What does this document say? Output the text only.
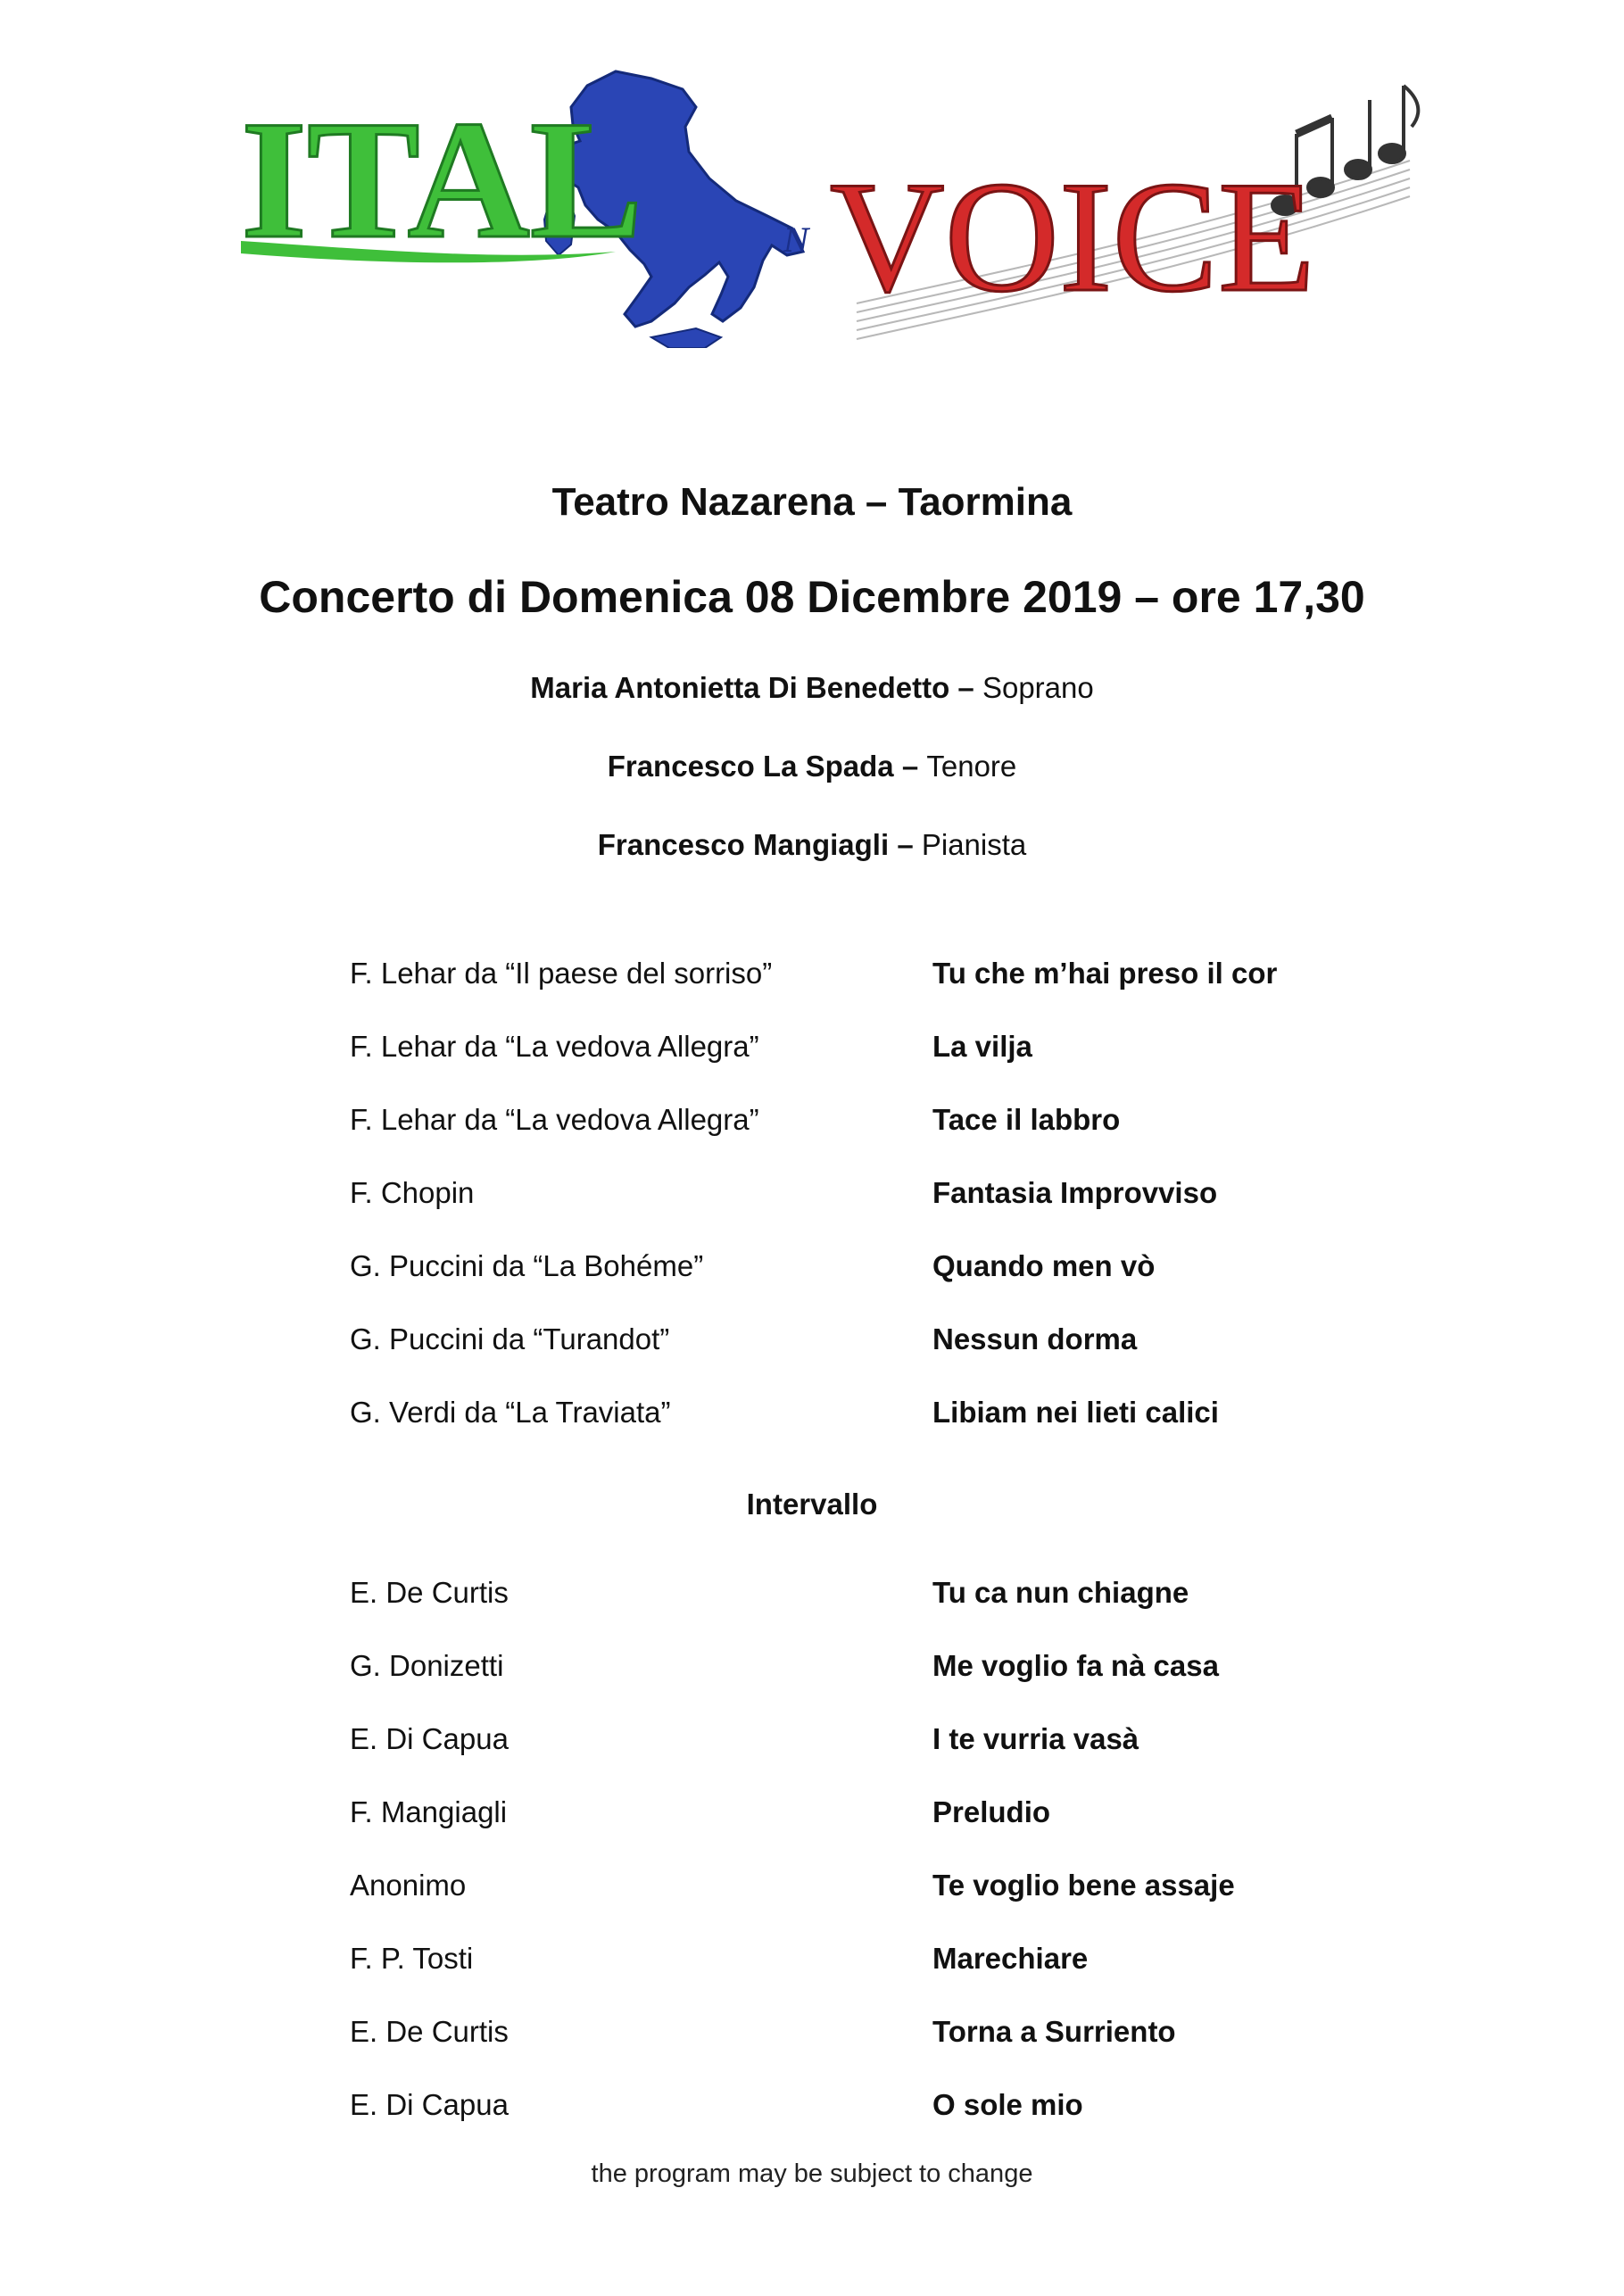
ITAL	N VOICE
Teatro Nazarena – Taormina
Concerto di Domenica 08 Dicembre 2019 – ore 17,30
Maria Antonietta Di Benedetto – Soprano
Francesco La Spada – Tenore
Francesco Mangiagli – Pianista
F. Lehar da “Il paese del sorriso”	Tu che m’hai preso il cor
F. Lehar da “La vedova Allegra”	La vilja
F. Lehar da “La vedova Allegra”	Tace il labbro
F. Chopin	Fantasia Improvviso
G. Puccini da “La Bohéme”	Quando men vò
G. Puccini da “Turandot”	Nessun dorma
G. Verdi da “La Traviata”	Libiam nei lieti calici
Intervallo
E. De Curtis	Tu ca nun chiagne
G. Donizetti	Me voglio fa nà casa
E. Di Capua	I te vurria vasà
F. Mangiagli	Preludio
Anonimo	Te voglio bene assaje
F. P. Tosti	Marechiare
E. De Curtis	Torna a Surriento
E. Di Capua	O sole mio
the program may be subject to change
